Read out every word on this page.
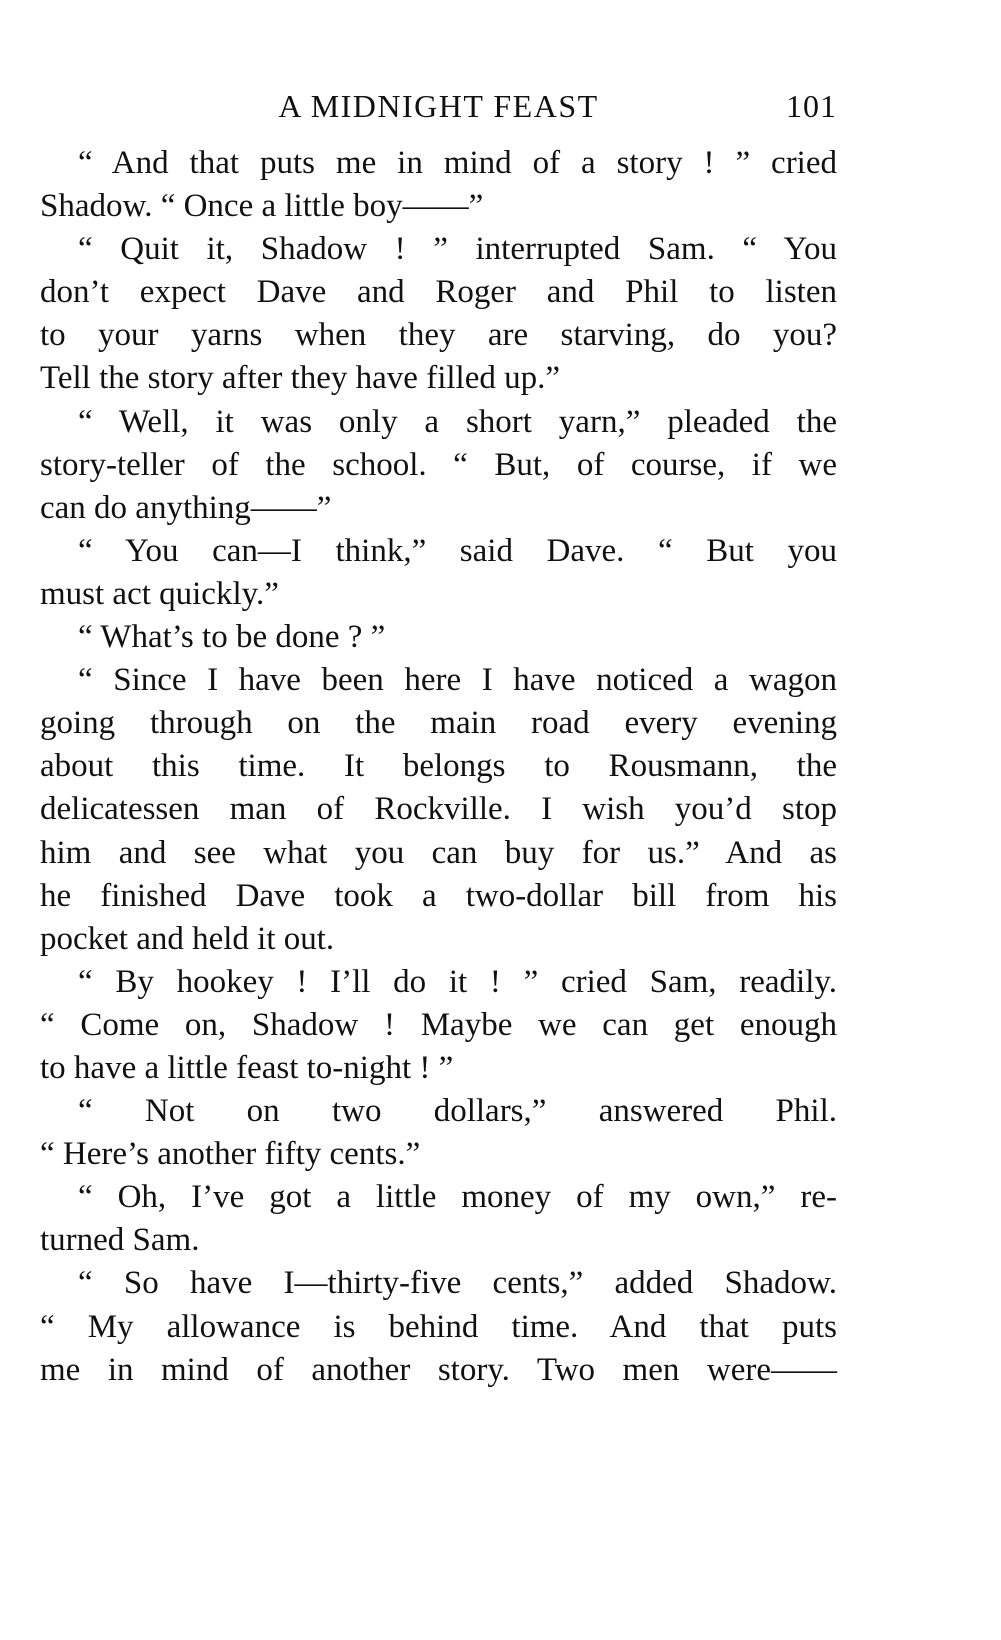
A MIDNIGHT FEAST	101
“ And that puts me in mind of a story ! ” cried
Shadow. “ Once a little boy——”
“ Quit it, Shadow ! ” interrupted Sam. “ You
don’t expect Dave and Roger and Phil to listen
to your yarns when they are starving, do you?
Tell the story after they have filled up.”
“ Well, it was only a short yarn,” pleaded the
story-teller of the school. “ But, of course, if we
can do anything——”
“ You can—I think,” said Dave. “ But you
must act quickly.”
“ What’s to be done ? ”
“ Since I have been here I have noticed a wagon
going through on the main road every evening
about this time. It belongs to Rousmann, the
delicatessen man of Rockville. I wish you’d stop
him and see what you can buy for us.” And as
he finished Dave took a two-dollar bill from his
pocket and held it out.
“ By hookey ! I’ll do it ! ” cried Sam, readily.
“ Come on, Shadow ! Maybe we can get enough
to have a little feast to-night ! ”
“ Not on two dollars,” answered Phil.
“ Here’s another fifty cents.”
“ Oh, I’ve got a little money of my own,” re-
turned Sam.
“ So have I—thirty-five cents,” added Shadow.
“ My allowance is behind time. And that puts
me in mind of another story. Two men were——
